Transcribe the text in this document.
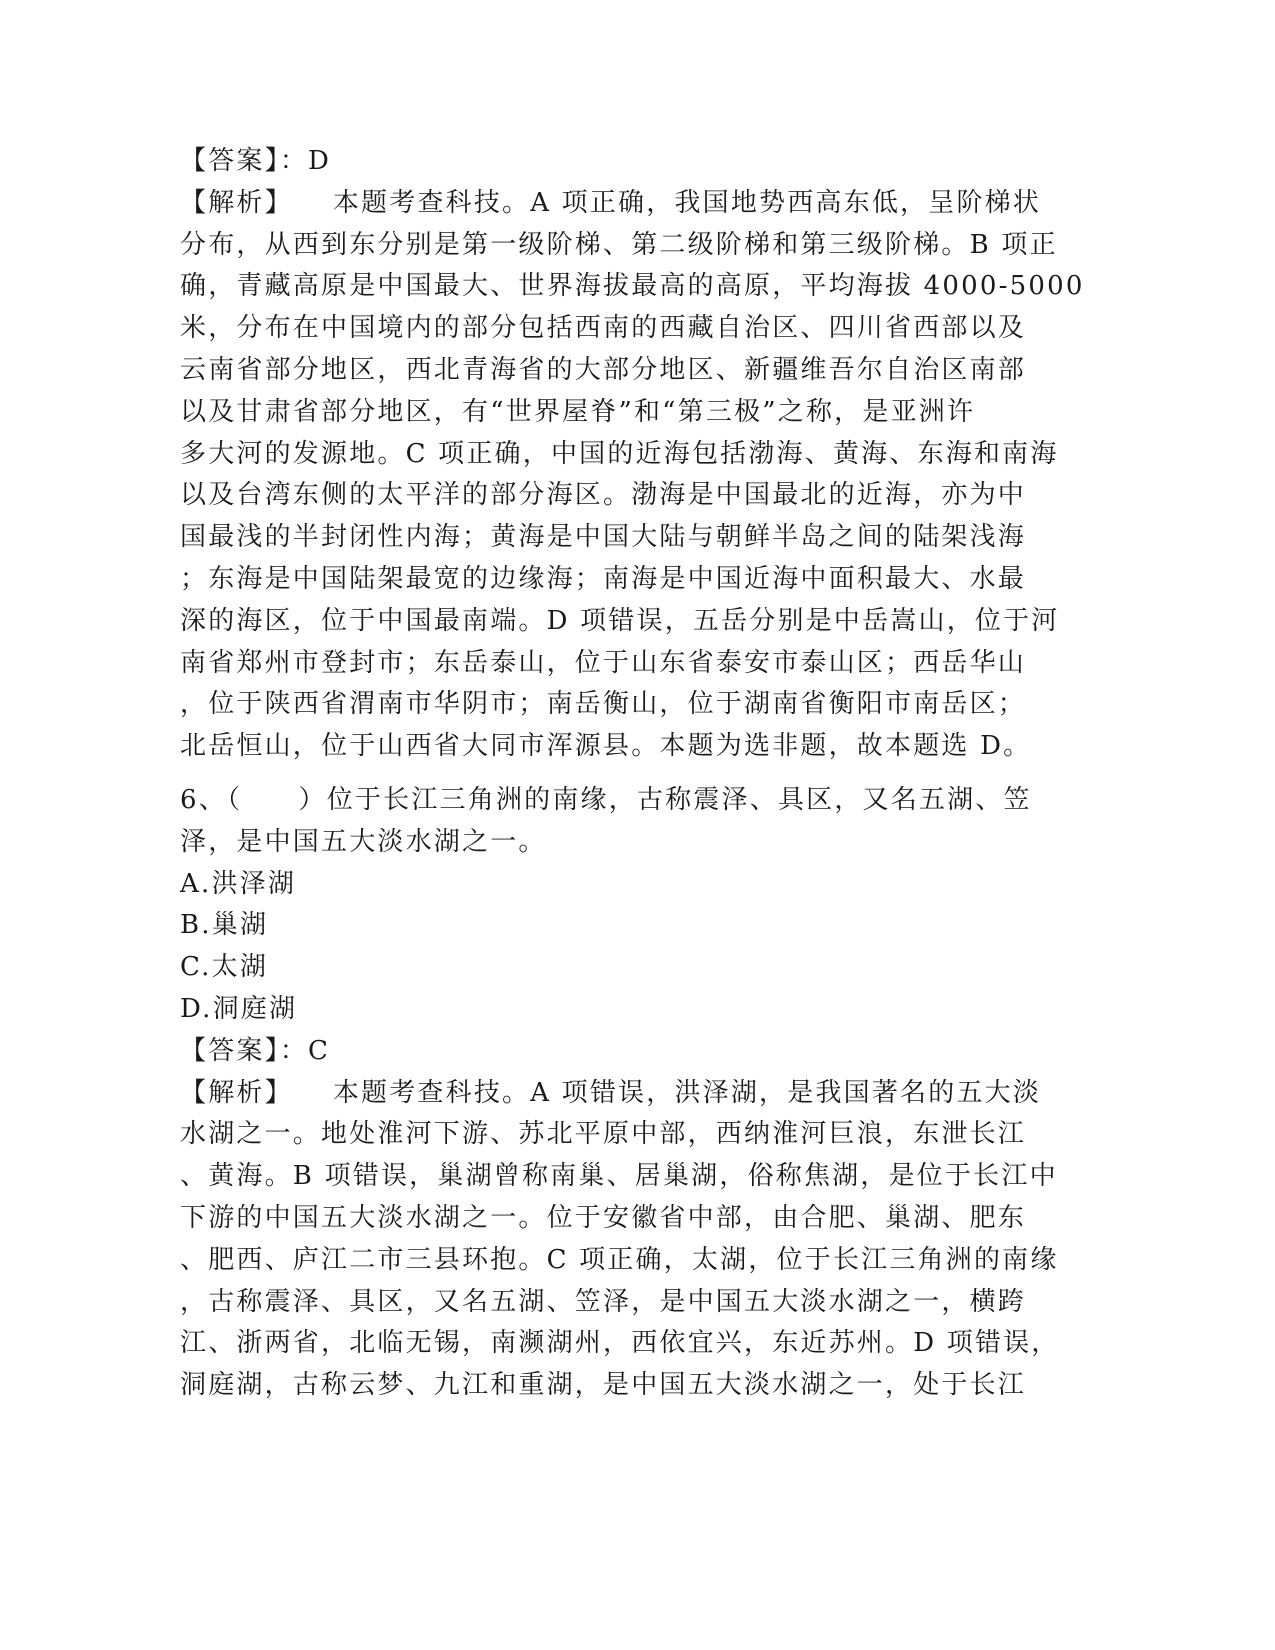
【答案】：D
【解析】 本题考查科技。A 项正确，我国地势西高东低，呈阶梯状
分布，从西到东分别是第一级阶梯、第二级阶梯和第三级阶梯。B 项正
确，青藏高原是中国最大、世界海拔最高的高原，平均海拔 4000-5000
米，分布在中国境内的部分包括西南的西藏自治区、四川省西部以及
云南省部分地区，西北青海省的大部分地区、新疆维吾尔自治区南部
以及甘肃省部分地区，有“世界屋脊”和“第三极”之称，是亚洲许
多大河的发源地。C 项正确，中国的近海包括渤海、黄海、东海和南海
以及台湾东侧的太平洋的部分海区。渤海是中国最北的近海，亦为中
国最浅的半封闭性内海；黄海是中国大陆与朝鲜半岛之间的陆架浅海
；东海是中国陆架最宽的边缘海；南海是中国近海中面积最大、水最
深的海区，位于中国最南端。D 项错误，五岳分别是中岳嵩山，位于河
南省郑州市登封市；东岳泰山，位于山东省泰安市泰山区；西岳华山
，位于陕西省渭南市华阴市；南岳衡山，位于湖南省衡阳市南岳区；
北岳恒山，位于山西省大同市浑源县。本题为选非题，故本题选 D。
6、（　　）位于长江三角洲的南缘，古称震泽、具区，又名五湖、笠
泽，是中国五大淡水湖之一。
A.洪泽湖
B.巢湖
C.太湖
D.洞庭湖
【答案】：C
【解析】 本题考查科技。A 项错误，洪泽湖，是我国著名的五大淡
水湖之一。地处淮河下游、苏北平原中部，西纳淮河巨浪，东泄长江
、黄海。B 项错误，巢湖曾称南巢、居巢湖，俗称焦湖，是位于长江中
下游的中国五大淡水湖之一。位于安徽省中部，由合肥、巢湖、肥东
、肥西、庐江二市三县环抱。C 项正确，太湖，位于长江三角洲的南缘
，古称震泽、具区，又名五湖、笠泽，是中国五大淡水湖之一，横跨
江、浙两省，北临无锡，南濒湖州，西依宜兴，东近苏州。D 项错误，
洞庭湖，古称云梦、九江和重湖，是中国五大淡水湖之一，处于长江
